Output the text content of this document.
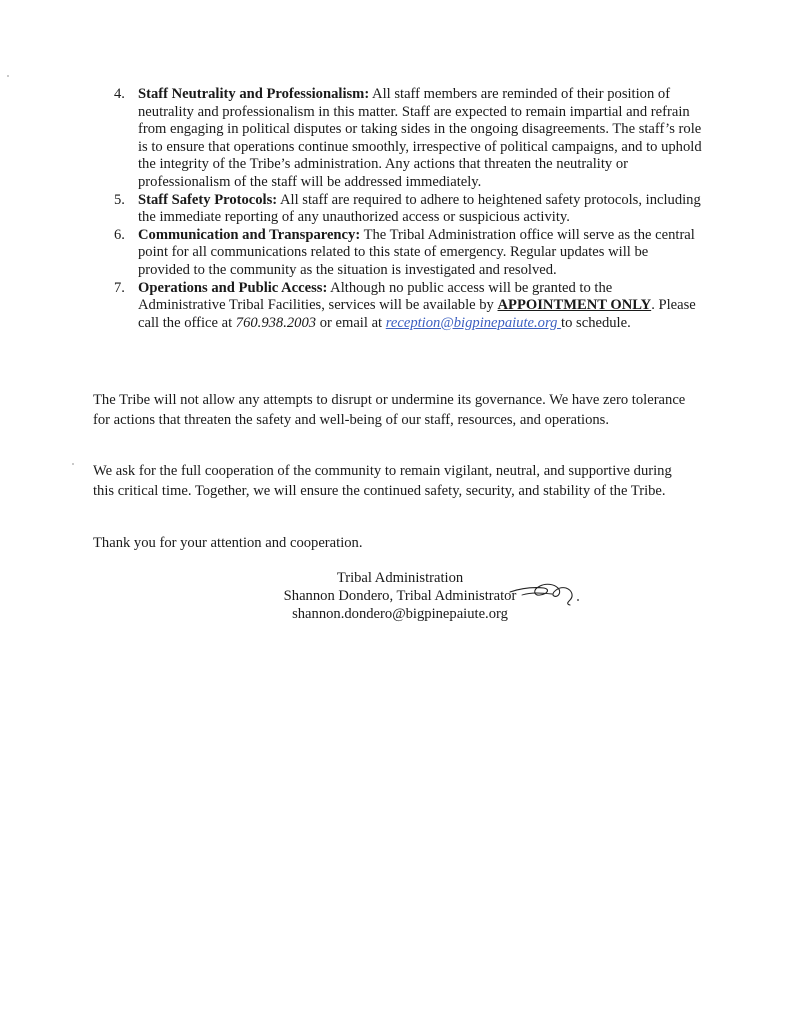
4. Staff Neutrality and Professionalism: All staff members are reminded of their position of neutrality and professionalism in this matter. Staff are expected to remain impartial and refrain from engaging in political disputes or taking sides in the ongoing disagreements. The staff’s role is to ensure that operations continue smoothly, irrespective of political campaigns, and to uphold the integrity of the Tribe’s administration. Any actions that threaten the neutrality or professionalism of the staff will be addressed immediately.
5. Staff Safety Protocols: All staff are required to adhere to heightened safety protocols, including the immediate reporting of any unauthorized access or suspicious activity.
6. Communication and Transparency: The Tribal Administration office will serve as the central point for all communications related to this state of emergency. Regular updates will be provided to the community as the situation is investigated and resolved.
7. Operations and Public Access: Although no public access will be granted to the Administrative Tribal Facilities, services will be available by APPOINTMENT ONLY. Please call the office at 760.938.2003 or email at reception@bigpinepaiute.org to schedule.

The Tribe will not allow any attempts to disrupt or undermine its governance. We have zero tolerance for actions that threaten the safety and well-being of our staff, resources, and operations.

We ask for the full cooperation of the community to remain vigilant, neutral, and supportive during this critical time. Together, we will ensure the continued safety, security, and stability of the Tribe.

Thank you for your attention and cooperation.

Tribal Administration
Shannon Dondero, Tribal Administrator
shannon.dondero@bigpinepaiute.org
